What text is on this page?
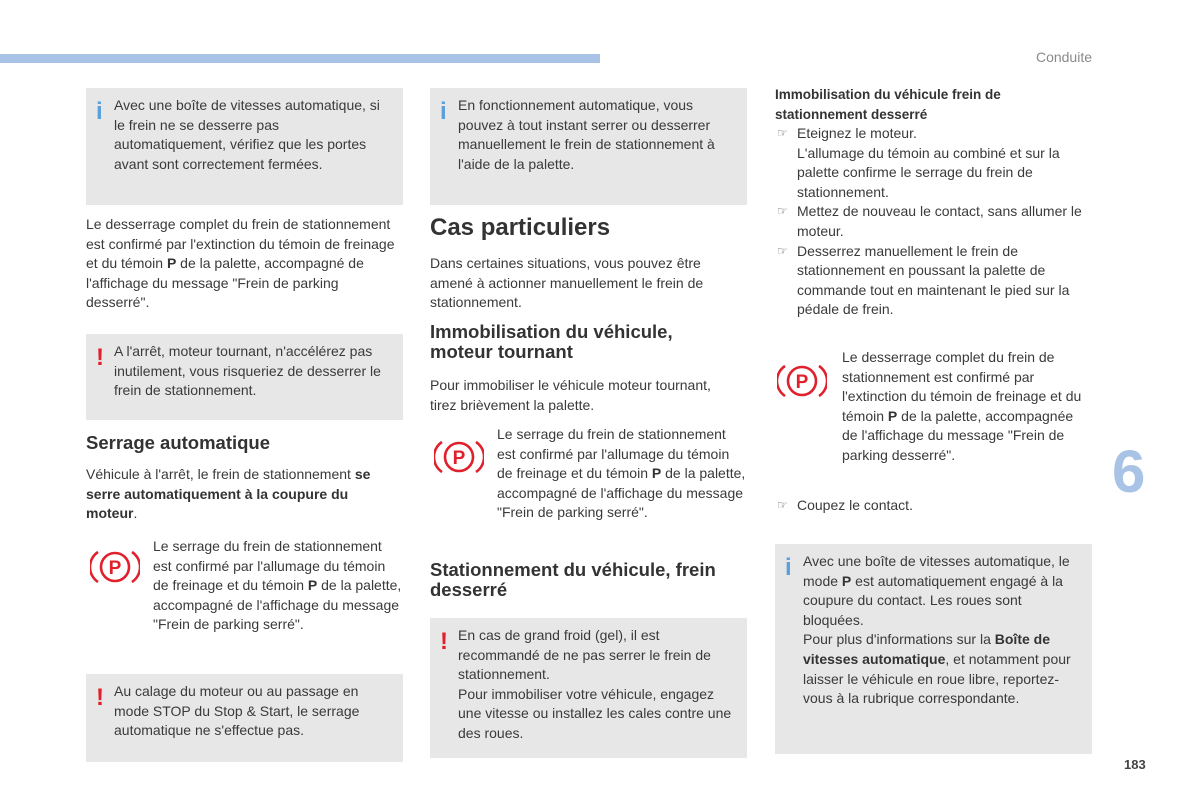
Conduite
i Avec une boîte de vitesses automatique, si le frein ne se desserre pas automatiquement, vérifiez que les portes avant sont correctement fermées.
Le desserrage complet du frein de stationnement est confirmé par l'extinction du témoin de freinage et du témoin P de la palette, accompagné de l'affichage du message "Frein de parking desserré".
! A l'arrêt, moteur tournant, n'accélérez pas inutilement, vous risqueriez de desserrer le frein de stationnement.
Serrage automatique
Véhicule à l'arrêt, le frein de stationnement se serre automatiquement à la coupure du moteur.
P
Le serrage du frein de stationnement est confirmé par l'allumage du témoin de freinage et du témoin P de la palette, accompagné de l'affichage du message "Frein de parking serré".
! Au calage du moteur ou au passage en mode STOP du Stop & Start, le serrage automatique ne s'effectue pas.
i En fonctionnement automatique, vous pouvez à tout instant serrer ou desserrer manuellement le frein de stationnement à l'aide de la palette.
Cas particuliers
Dans certaines situations, vous pouvez être amené à actionner manuellement le frein de stationnement.
Immobilisation du véhicule, moteur tournant
Pour immobiliser le véhicule moteur tournant, tirez brièvement la palette.
P
Le serrage du frein de stationnement est confirmé par l'allumage du témoin de freinage et du témoin P de la palette, accompagné de l'affichage du message "Frein de parking serré".
Stationnement du véhicule, frein desserré
! En cas de grand froid (gel), il est recommandé de ne pas serrer le frein de stationnement.
Pour immobiliser votre véhicule, engagez une vitesse ou installez les cales contre une des roues.
Immobilisation du véhicule frein de stationnement desserré
☞ Eteignez le moteur.
L'allumage du témoin au combiné et sur la palette confirme le serrage du frein de stationnement.
☞ Mettez de nouveau le contact, sans allumer le moteur.
☞ Desserrez manuellement le frein de stationnement en poussant la palette de commande tout en maintenant le pied sur la pédale de frein.
P
Le desserrage complet du frein de stationnement est confirmé par l'extinction du témoin de freinage et du témoin P de la palette, accompagnée de l'affichage du message "Frein de parking desserré".
☞ Coupez le contact.
i Avec une boîte de vitesses automatique, le mode P est automatiquement engagé à la coupure du contact. Les roues sont bloquées.
Pour plus d'informations sur la Boîte de vitesses automatique, et notamment pour laisser le véhicule en roue libre, reportez-vous à la rubrique correspondante.
6
183
